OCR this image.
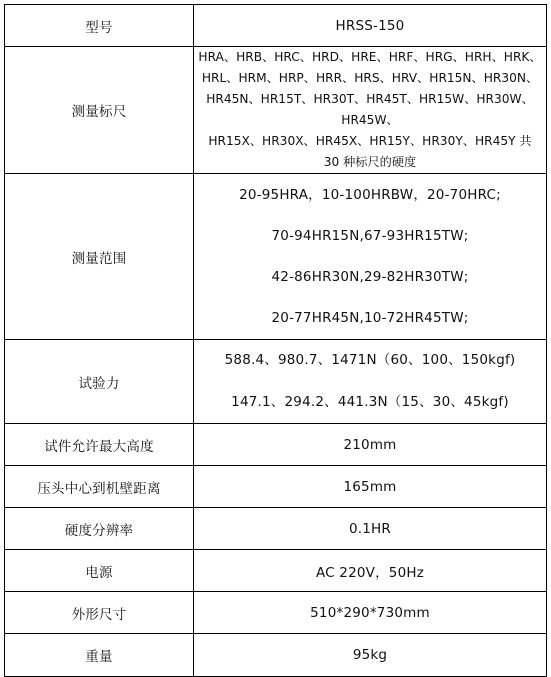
型号	HRSS-150
测量标尺	HRA、HRB、HRC、HRD、HRE、HRF、HRG、HRH、HRK、
HRL、HRM、HRP、HRR、HRS、HRV、HR15N、HR30N、
HR45N、HR15T、HR30T、HR45T、HR15W、HR30W、HR45W、
HR15X、HR30X、HR45X、HR15Y、HR30Y、HR45Y 共
30 种标尺的硬度

测量范围	20-95HRA，10-100HRBW，20-70HRC;
70-94HR15N,67-93HR15TW;
42-86HR30N,29-82HR30TW;
20-77HR45N,10-72HR45TW;

试验力	588.4、980.7、1471N（60、100、150kgf)
147.1、294.2、441.3N（15、30、45kgf)

试件允许最大高度	210mm
压头中心到机壁距离	165mm
硬度分辨率	0.1HR
电源	AC 220V，50Hz
外形尺寸	510*290*730mm
重量	95kg
